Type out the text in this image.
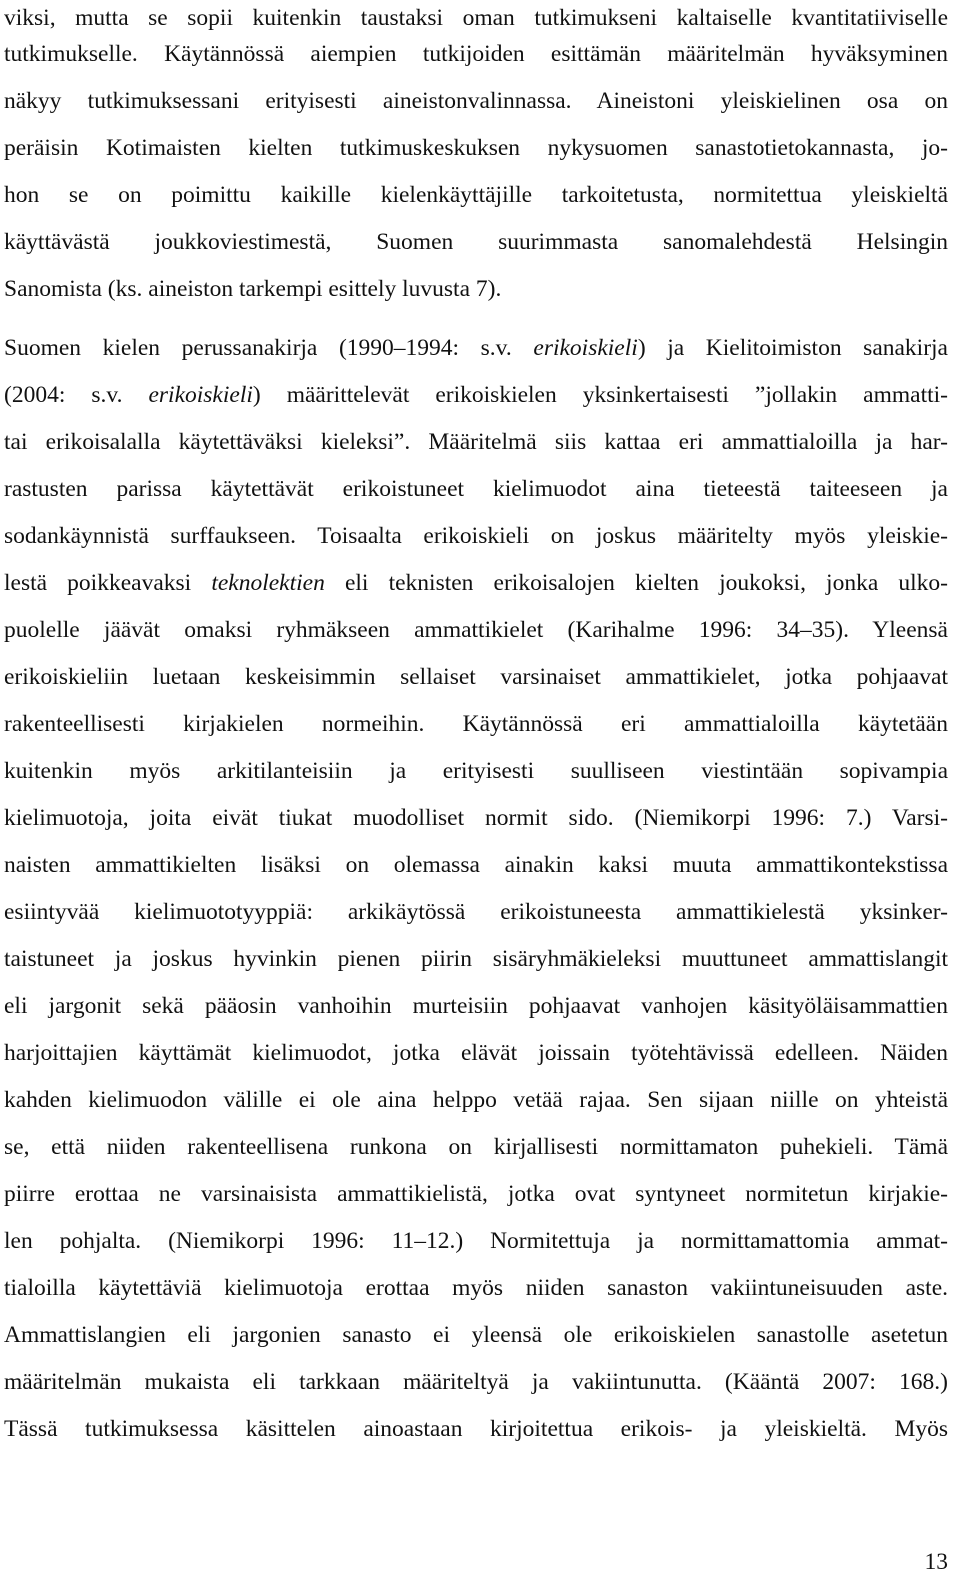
viksi, mutta se sopii kuitenkin taustaksi oman tutkimukseni kaltaiselle kvantitatiiviselle
tutkimukselle. Käytännössä aiempien tutkijoiden esittämän määritelmän hyväksyminen
näkyy tutkimuksessani erityisesti aineistonvalinnassa. Aineistoni yleiskielinen osa on
peräisin Kotimaisten kielten tutkimuskeskuksen nykysuomen sanastotietokannasta, jo-
hon se on poimittu kaikille kielenkäyttäjille tarkoitetusta, normitettua yleiskieltä
käyttävästä joukkoviestimestä, Suomen suurimmasta sanomalehdestä Helsingin
Sanomista (ks. aineiston tarkempi esittely luvusta 7).
Suomen kielen perussanakirja (1990–1994: s.v. erikoiskieli) ja Kielitoimiston sanakirja
(2004: s.v. erikoiskieli) määrittelevät erikoiskielen yksinkertaisesti ”jollakin ammatti-
tai erikoisalalla käytettäväksi kieleksi”. Määritelmä siis kattaa eri ammattialoilla ja har-
rastusten parissa käytettävät erikoistuneet kielimuodot aina tieteestä taiteeseen ja
sodankäynnistä surffaukseen. Toisaalta erikoiskieli on joskus määritelty myös yleiskie-
lestä poikkeavaksi teknolektien eli teknisten erikoisalojen kielten joukoksi, jonka ulko-
puolelle jäävät omaksi ryhmäkseen ammattikielet (Karihalme 1996: 34–35). Yleensä
erikoiskieliin luetaan keskeisimmin sellaiset varsinaiset ammattikielet, jotka pohjaavat
rakenteellisesti kirjakielen normeihin. Käytännössä eri ammattialoilla käytetään
kuitenkin myös arkitilanteisiin ja erityisesti suulliseen viestintään sopivampia
kielimuotoja, joita eivät tiukat muodolliset normit sido. (Niemikorpi 1996: 7.) Varsi-
naisten ammattikielten lisäksi on olemassa ainakin kaksi muuta ammattikontekstissa
esiintyvää kielimuototyyppiä: arkikäytössä erikoistuneesta ammattikielestä yksinker-
taistuneet ja joskus hyvinkin pienen piirin sisäryhmäkieleksi muuttuneet ammattislangit
eli jargonit sekä pääosin vanhoihin murteisiin pohjaavat vanhojen käsityöläisammattien
harjoittajien käyttämät kielimuodot, jotka elävät joissain työtehtävissä edelleen. Näiden
kahden kielimuodon välille ei ole aina helppo vetää rajaa. Sen sijaan niille on yhteistä
se, että niiden rakenteellisena runkona on kirjallisesti normittamaton puhekieli. Tämä
piirre erottaa ne varsinaisista ammattikielistä, jotka ovat syntyneet normitetun kirjakie-
len pohjalta. (Niemikorpi 1996: 11–12.) Normitettuja ja normittamattomia ammat-
tialoilla käytettäviä kielimuotoja erottaa myös niiden sanaston vakiintuneisuuden aste.
Ammattislangien eli jargonien sanasto ei yleensä ole erikoiskielen sanastolle asetetun
määritelmän mukaista eli tarkkaan määriteltyä ja vakiintunutta. (Kääntä 2007: 168.)
Tässä tutkimuksessa käsittelen ainoastaan kirjoitettua erikois- ja yleiskieltä. Myös
13
